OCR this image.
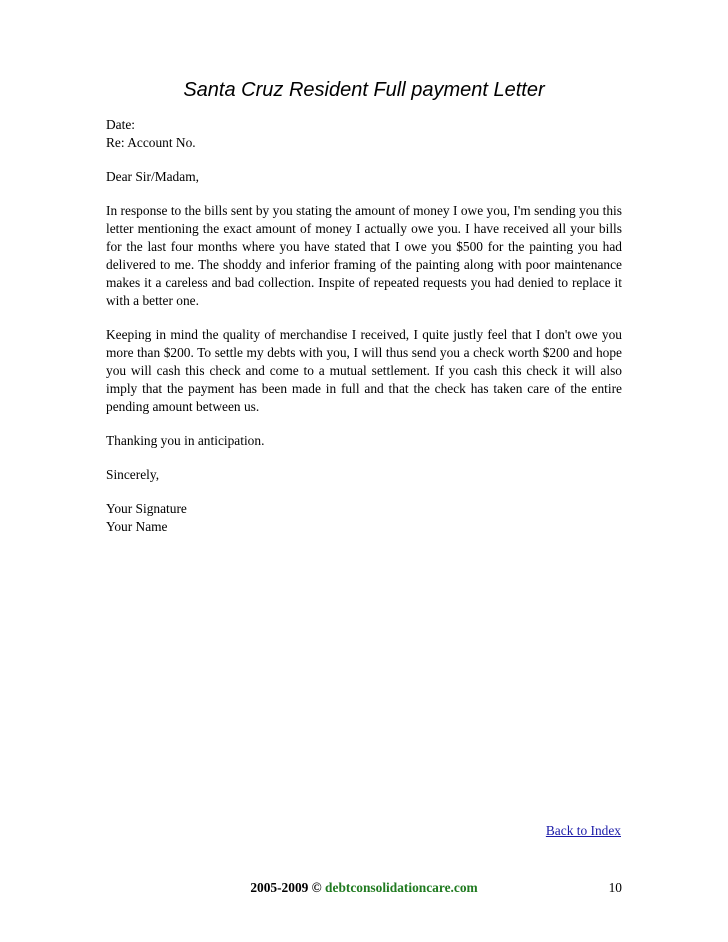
Santa Cruz Resident Full payment Letter

Date:
Re: Account No.

Dear Sir/Madam,

In response to the bills sent by you stating the amount of money I owe you, I'm sending you this letter mentioning the exact amount of money I actually owe you. I have received all your bills for the last four months where you have stated that I owe you $500 for the painting you had delivered to me. The shoddy and inferior framing of the painting along with poor maintenance makes it a careless and bad collection. Inspite of repeated requests you had denied to replace it with a better one.

Keeping in mind the quality of merchandise I received, I quite justly feel that I don't owe you more than $200. To settle my debts with you, I will thus send you a check worth $200 and hope you will cash this check and come to a mutual settlement. If you cash this check it will also imply that the payment has been made in full and that the check has taken care of the entire pending amount between us.

Thanking you in anticipation.

Sincerely,

Your Signature
Your Name

Back to Index
2005-2009 © debtconsolidationcare.com	10
